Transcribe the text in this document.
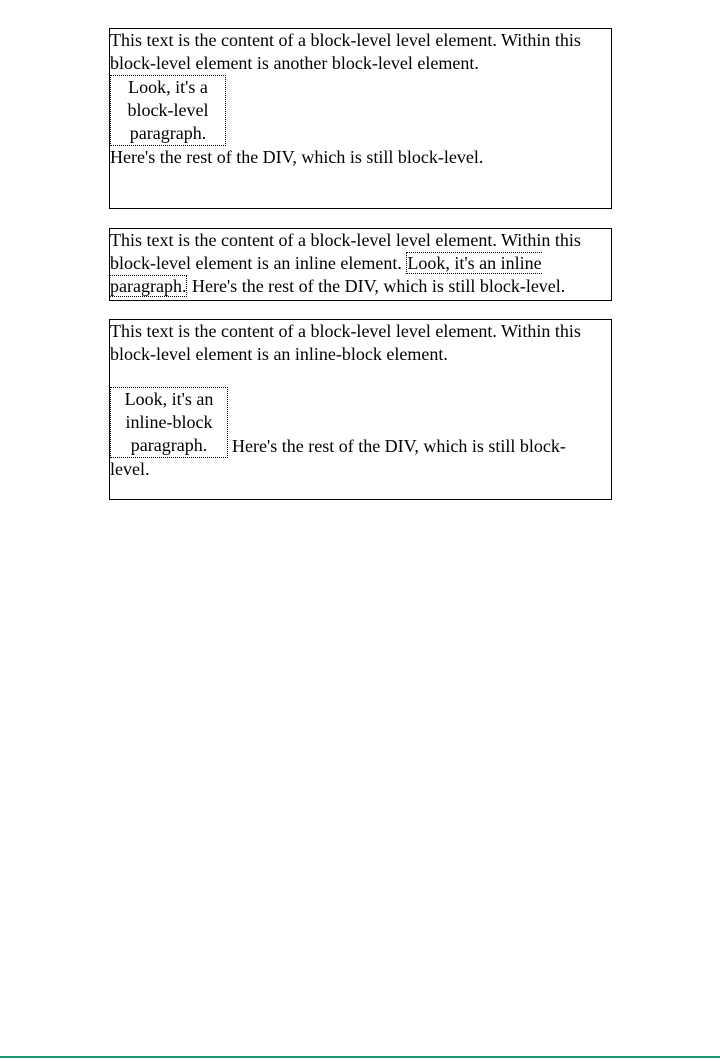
This text is the content of a block-level level element. Within this block-level element is another block-level element.

Look, it's a block-level paragraph.

Here's the rest of the DIV, which is still block-level.

This text is the content of a block-level level element. Within this block-level element is an inline element. Look, it's an inline paragraph. Here's the rest of the DIV, which is still block-level.

This text is the content of a block-level level element. Within this block-level element is an inline-block element.

Look, it's an inline-block paragraph. Here's the rest of the DIV, which is still block-

level.
